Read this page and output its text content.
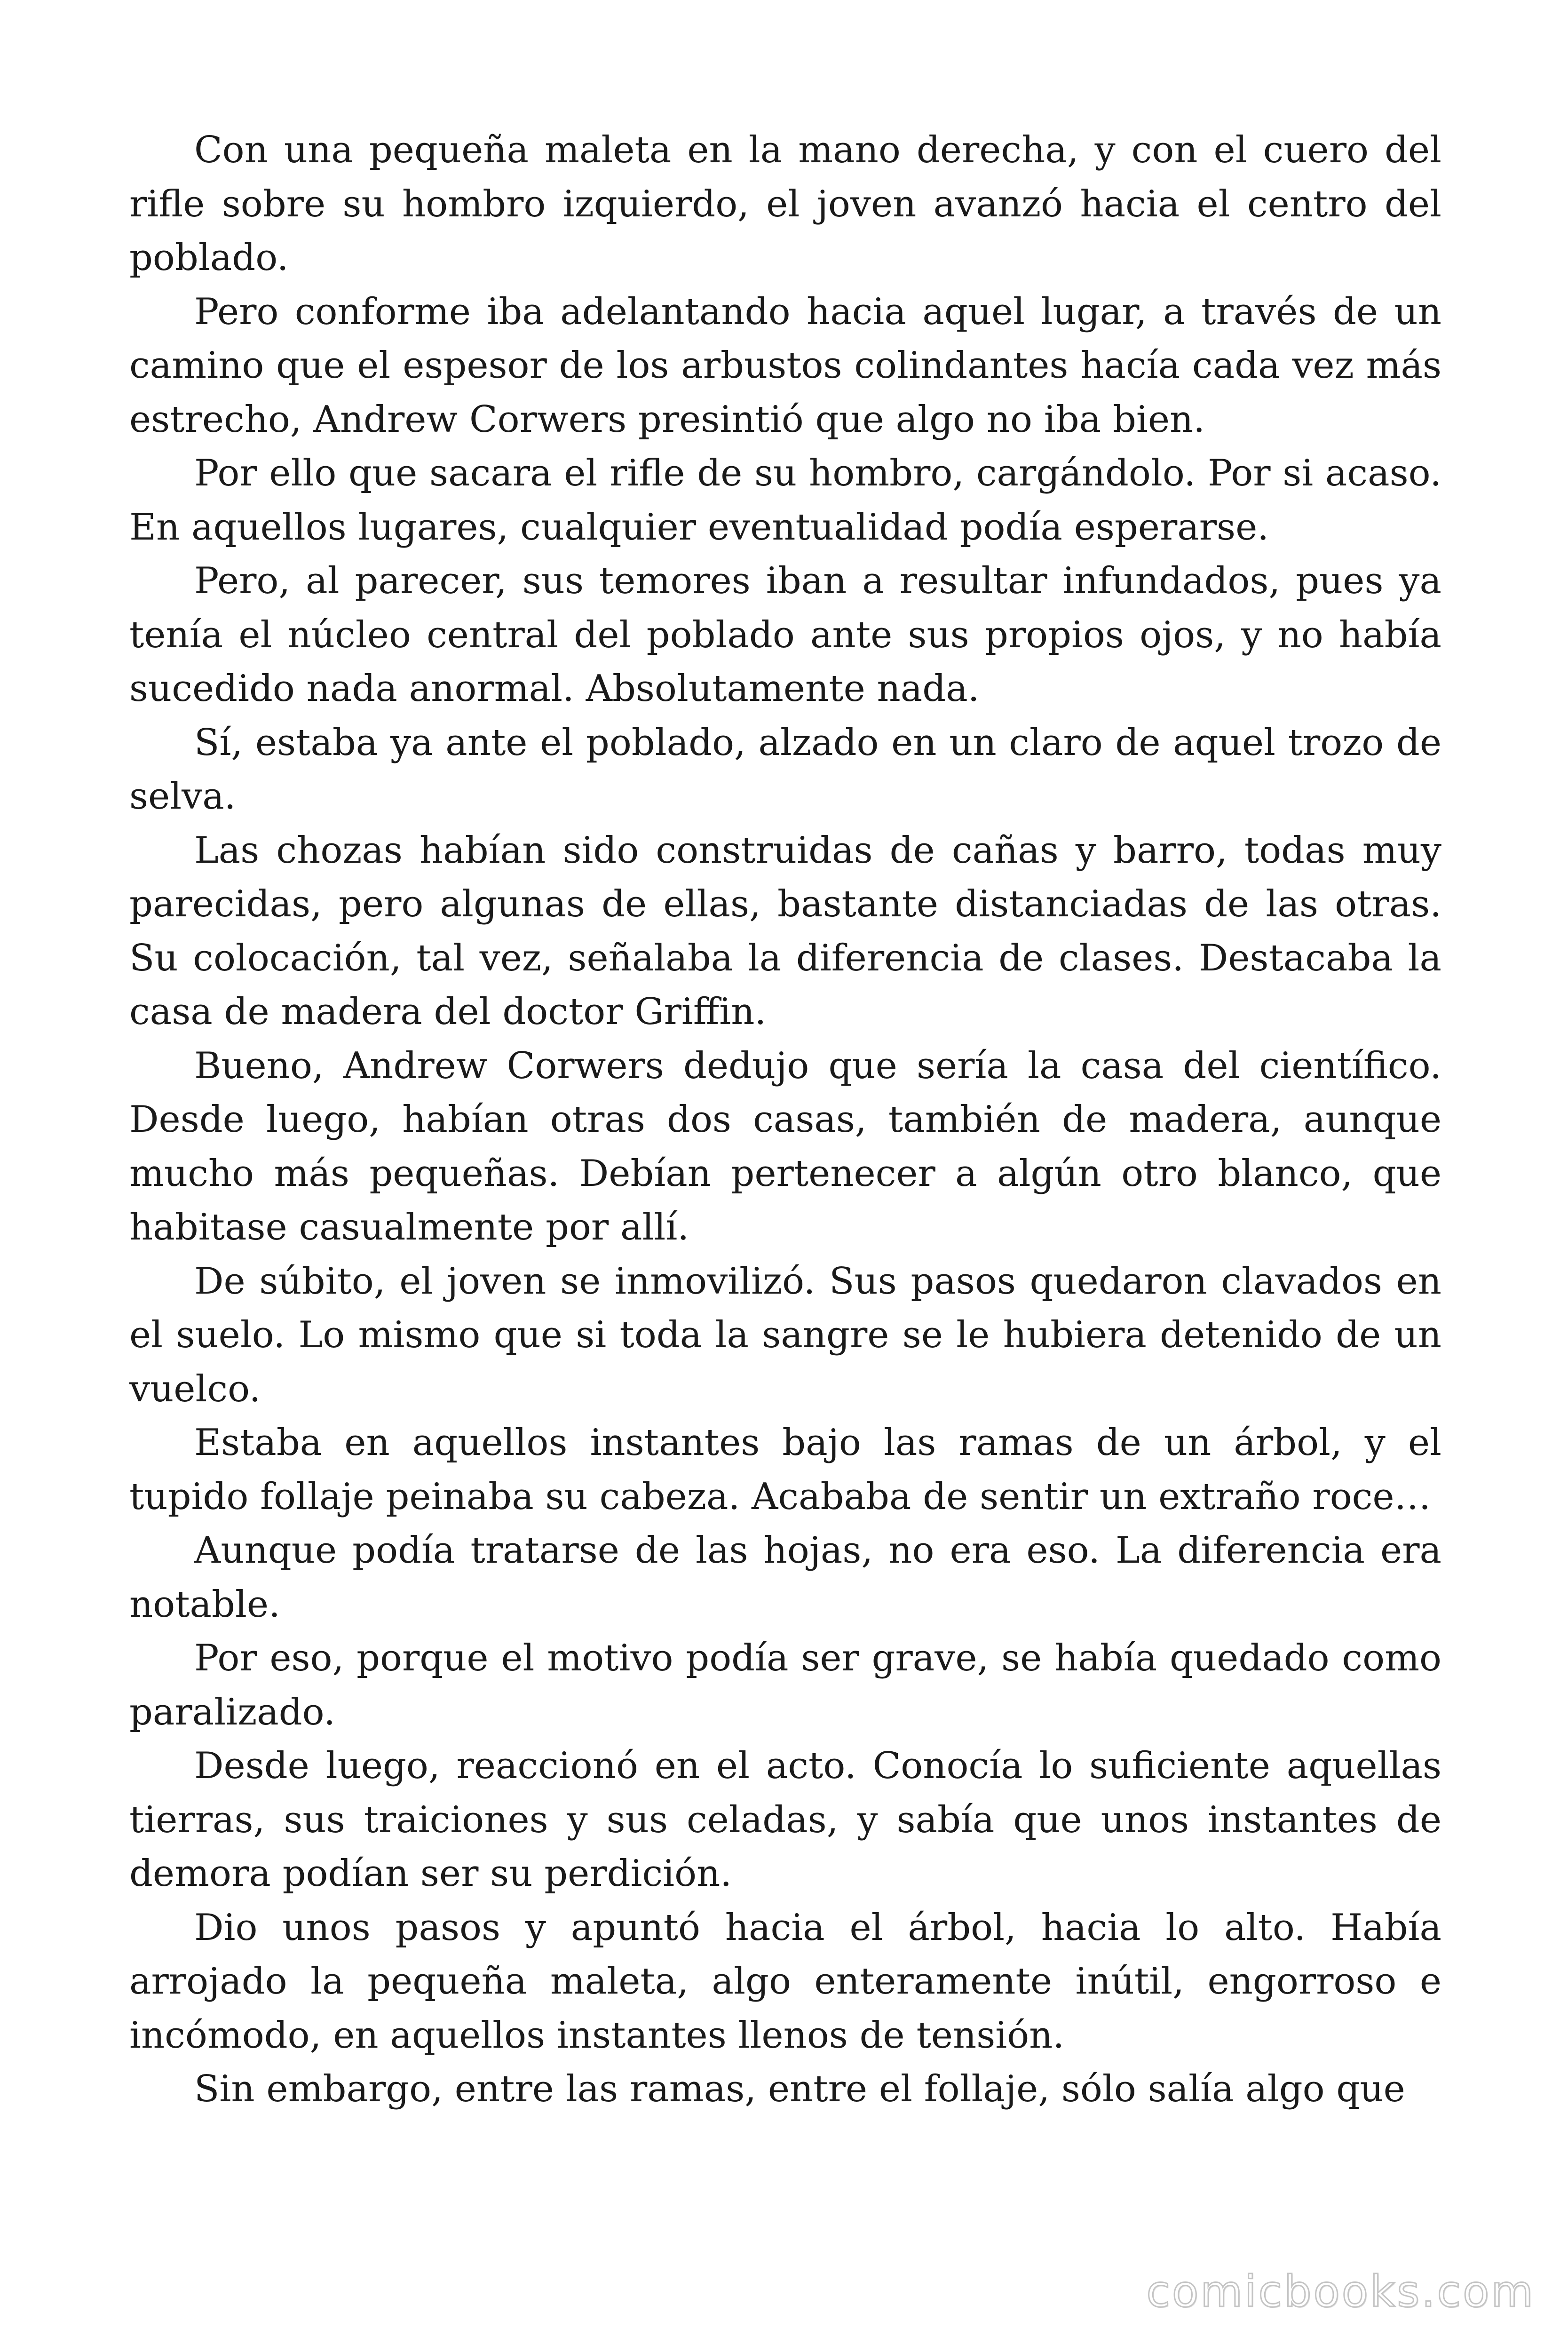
Con una pequeña maleta en la mano derecha, y con el cuero del rifle sobre su hombro izquierdo, el joven avanzó hacia el centro del poblado.

Pero conforme iba adelantando hacia aquel lugar, a través de un camino que el espesor de los arbustos colindantes hacía cada vez más estrecho, Andrew Corwers presintió que algo no iba bien.

Por ello que sacara el rifle de su hombro, cargándolo. Por si acaso. En aquellos lugares, cualquier eventualidad podía esperarse.

Pero, al parecer, sus temores iban a resultar infundados, pues ya tenía el núcleo central del poblado ante sus propios ojos, y no había sucedido nada anormal. Absolutamente nada.

Sí, estaba ya ante el poblado, alzado en un claro de aquel trozo de selva.

Las chozas habían sido construidas de cañas y barro, todas muy parecidas, pero algunas de ellas, bastante distanciadas de las otras. Su colocación, tal vez, señalaba la diferencia de clases. Destacaba la casa de madera del doctor Griffin.

Bueno, Andrew Corwers dedujo que sería la casa del científico. Desde luego, habían otras dos casas, también de madera, aunque mucho más pequeñas. Debían pertenecer a algún otro blanco, que habitase casualmente por allí.

De súbito, el joven se inmovilizó. Sus pasos quedaron clavados en el suelo. Lo mismo que si toda la sangre se le hubiera detenido de un vuelco.

Estaba en aquellos instantes bajo las ramas de un árbol, y el tupido follaje peinaba su cabeza. Acababa de sentir un extraño roce…

Aunque podía tratarse de las hojas, no era eso. La diferencia era notable.

Por eso, porque el motivo podía ser grave, se había quedado como paralizado.

Desde luego, reaccionó en el acto. Conocía lo suficiente aquellas tierras, sus traiciones y sus celadas, y sabía que unos instantes de demora podían ser su perdición.

Dio unos pasos y apuntó hacia el árbol, hacia lo alto. Había arrojado la pequeña maleta, algo enteramente inútil, engorroso e incómodo, en aquellos instantes llenos de tensión.

Sin embargo, entre las ramas, entre el follaje, sólo salía algo que

comicbooks.com
